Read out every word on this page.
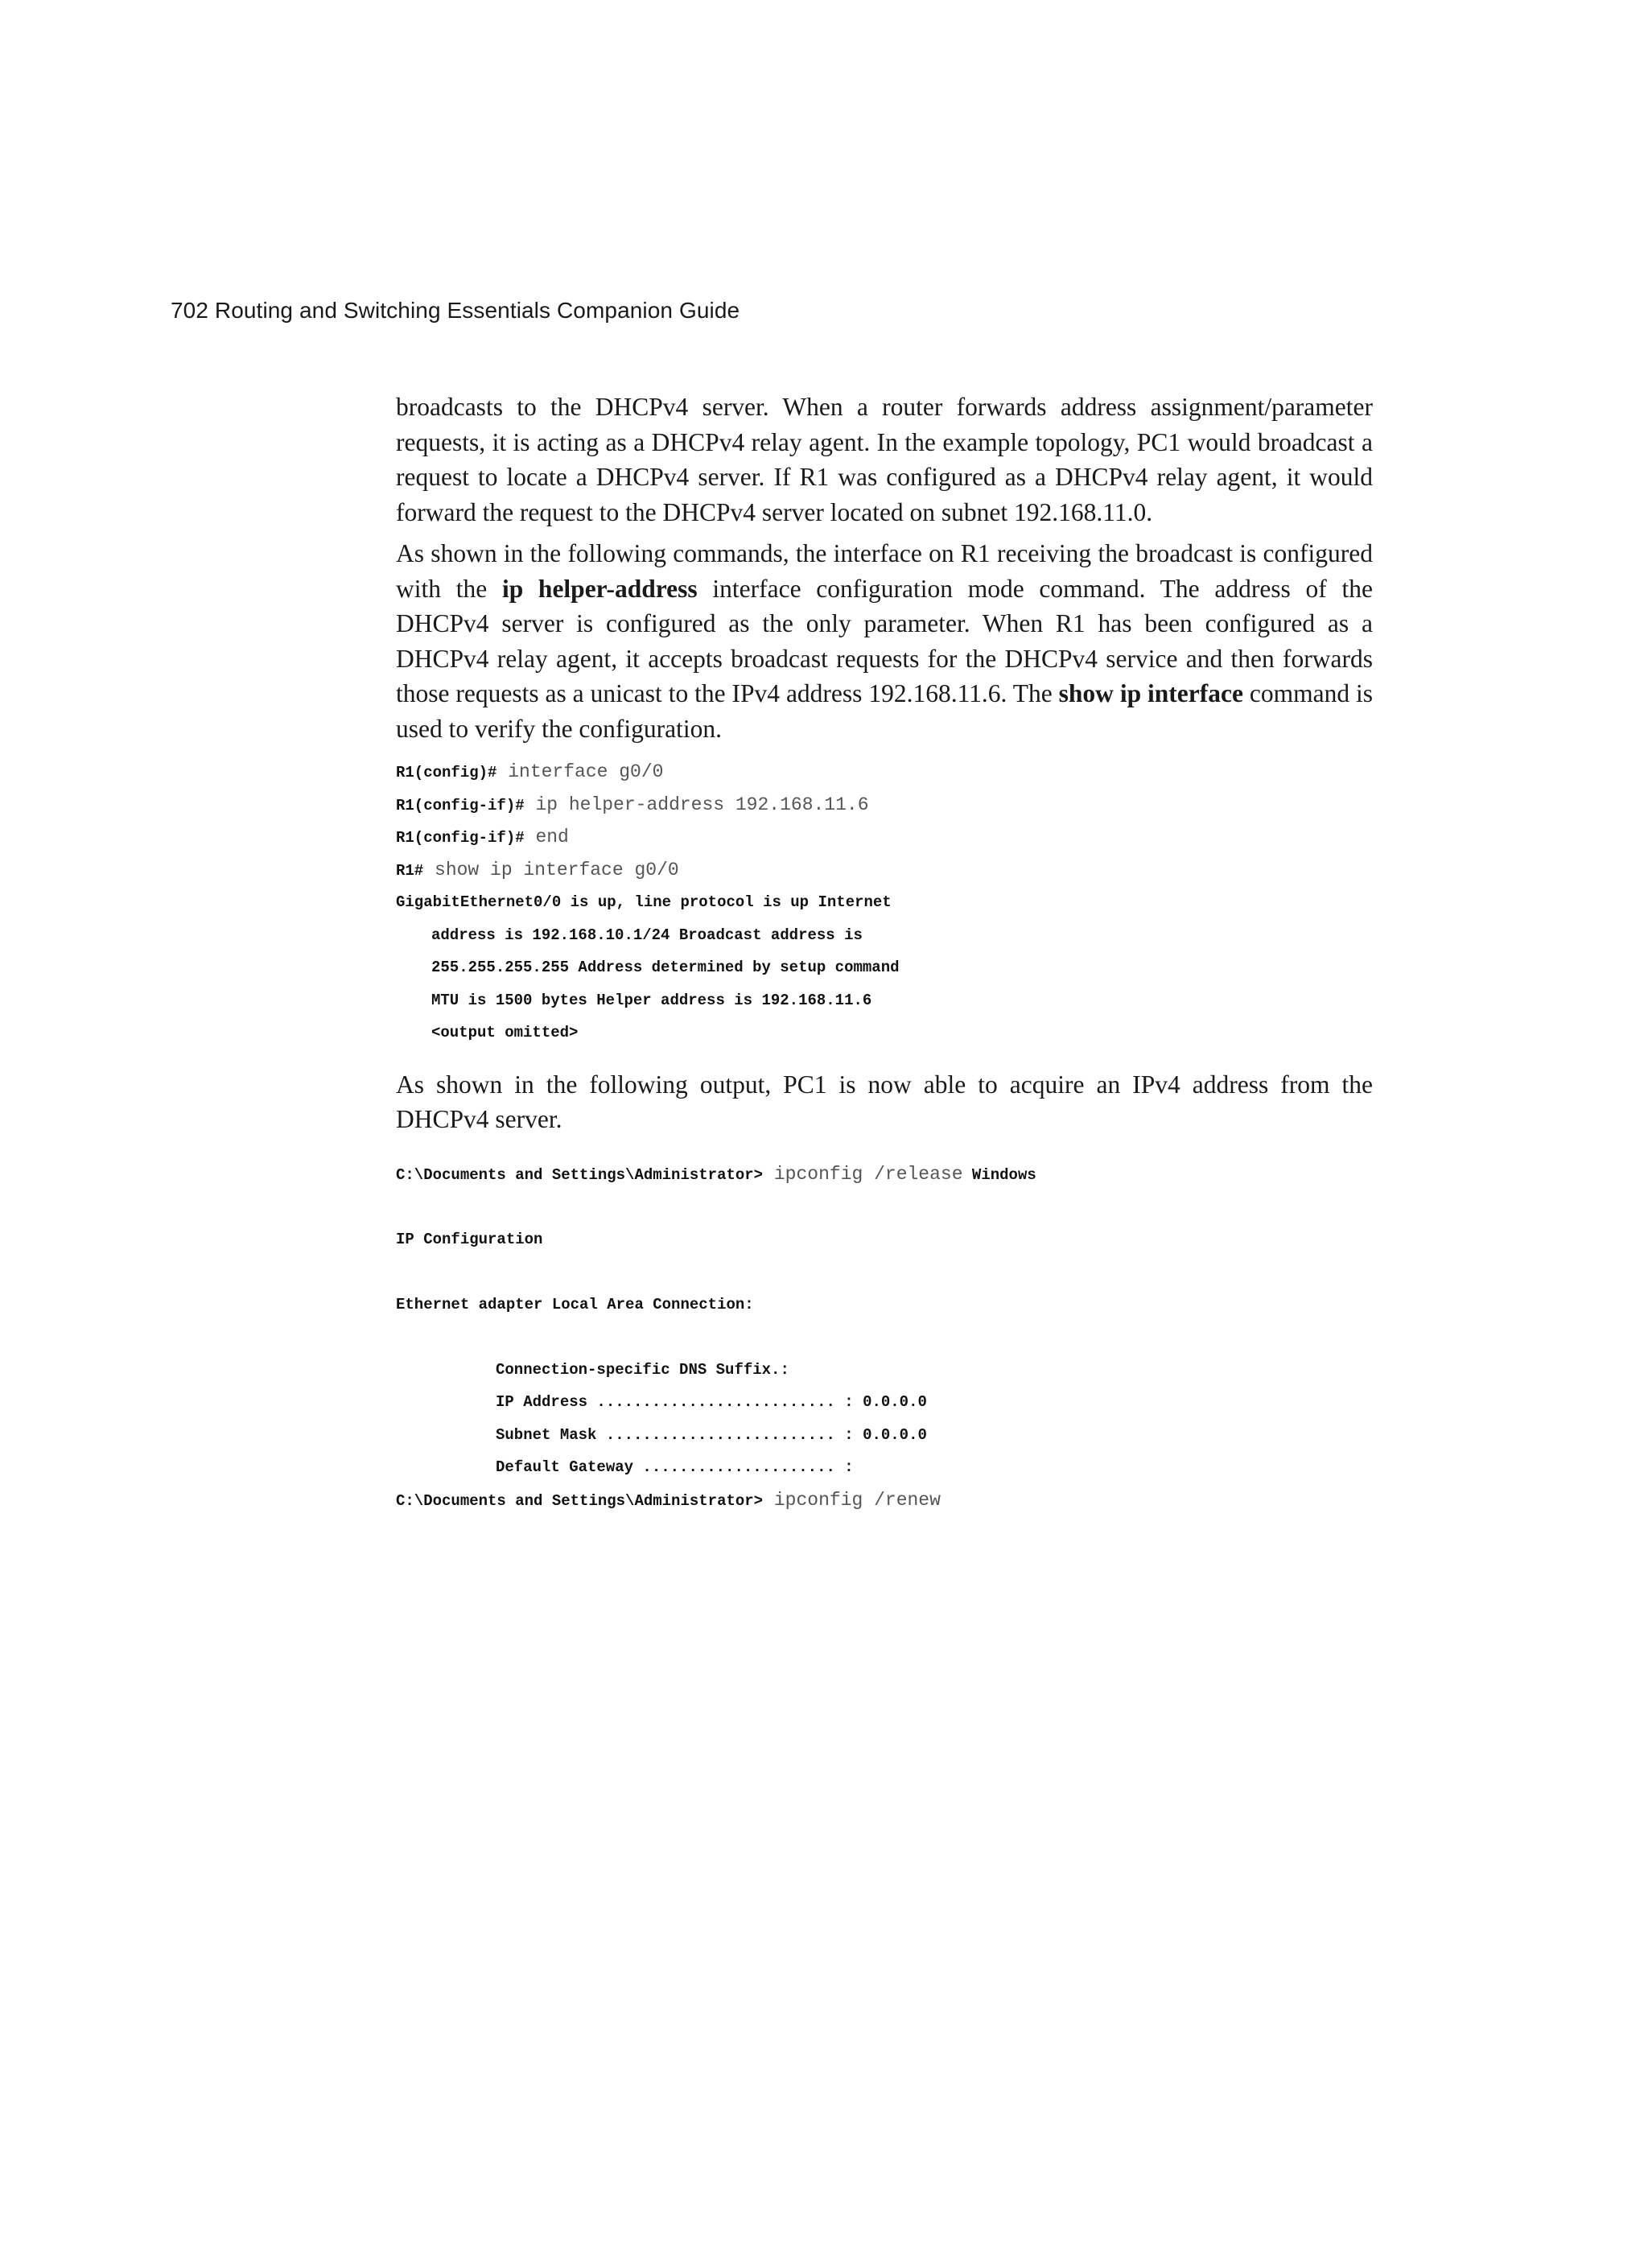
702 Routing and Switching Essentials Companion Guide

broadcasts to the DHCPv4 server. When a router forwards address assignment/parameter requests, it is acting as a DHCPv4 relay agent. In the example topology, PC1 would broadcast a request to locate a DHCPv4 server. If R1 was configured as a DHCPv4 relay agent, it would forward the request to the DHCPv4 server located on subnet 192.168.11.0.

As shown in the following commands, the interface on R1 receiving the broadcast is configured with the ip helper-address interface configuration mode command. The address of the DHCPv4 server is configured as the only parameter. When R1 has been configured as a DHCPv4 relay agent, it accepts broadcast requests for the DHCPv4 service and then forwards those requests as a unicast to the IPv4 address 192.168.11.6. The show ip interface command is used to verify the configuration.

R1(config)# interface g0/0
R1(config-if)# ip helper-address 192.168.11.6
R1(config-if)# end
R1# show ip interface g0/0
GigabitEthernet0/0 is up, line protocol is up Internet
address is 192.168.10.1/24 Broadcast address is
255.255.255.255 Address determined by setup command
MTU is 1500 bytes Helper address is 192.168.11.6
<output omitted>

As shown in the following output, PC1 is now able to acquire an IPv4 address from the DHCPv4 server.

C:\Documents and Settings\Administrator> ipconfig /release Windows
IP Configuration
Ethernet adapter Local Area Connection:
Connection-specific DNS Suffix.:
IP Address .......................... : 0.0.0.0
Subnet Mask ......................... : 0.0.0.0
Default Gateway ..................... :
C:\Documents and Settings\Administrator> ipconfig /renew
